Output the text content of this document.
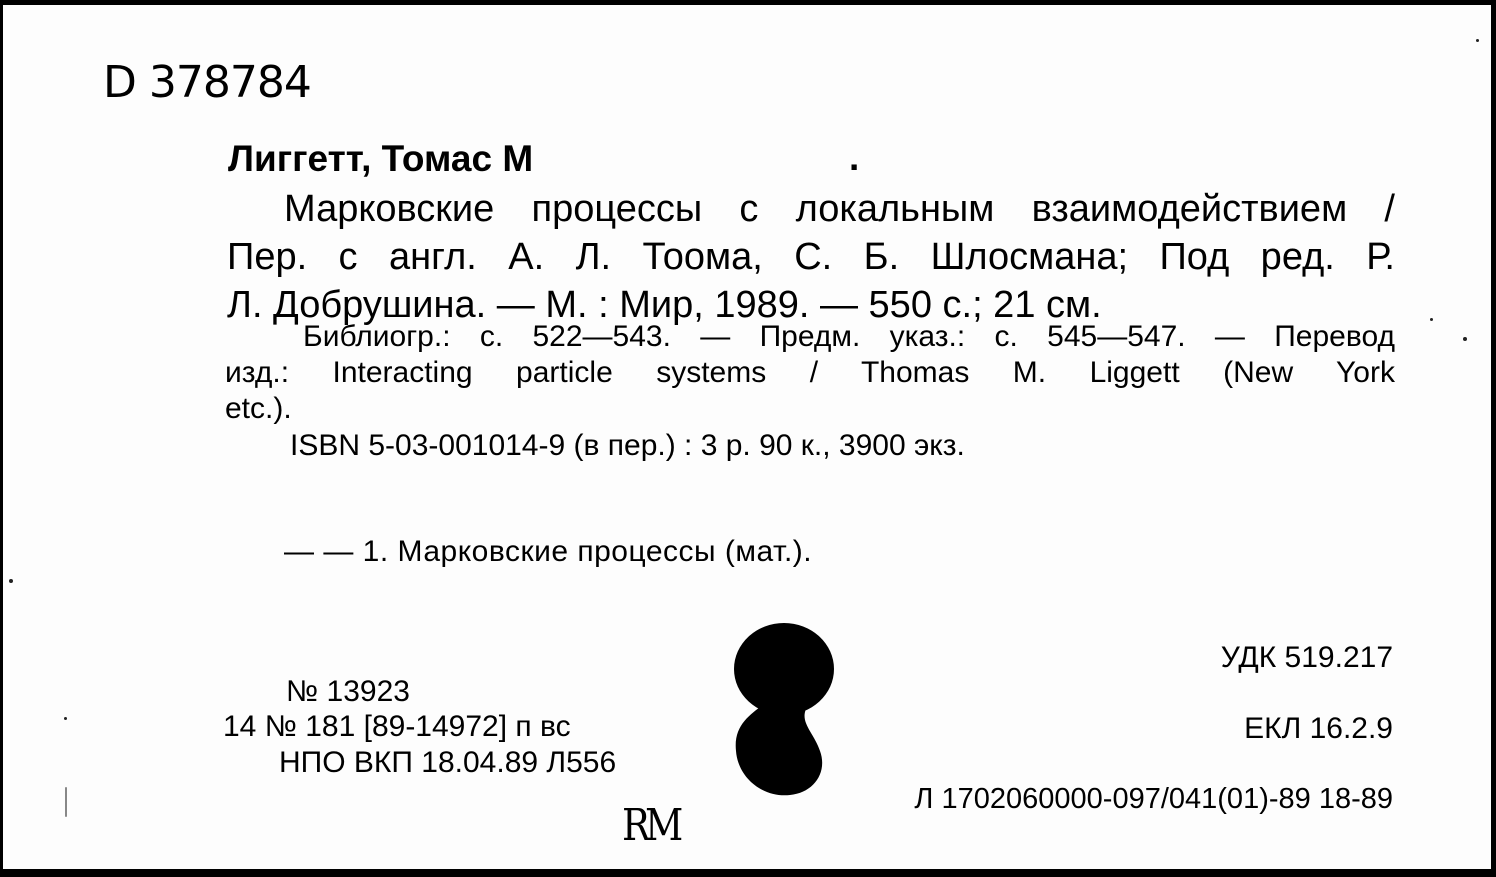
D 378784
Лиггетт, Томас М	.
Марковские процессы с локальным взаимодействием /
Пер. с англ. А. Л. Тоома, С. Б. Шлосмана; Под ред. Р.
Л. Добрушина. — М. : Мир, 1989. — 550 с.; 21 см.
Библиогр.: с. 522—543. — Предм. указ.: с. 545—547. — Перевод
изд.: Interacting particle systems / Thomas M. Liggett (New York
etc.).
ISBN 5-03-001014-9 (в пер.) : 3 р. 90 к., 3900 экз.
— — 1. Марковские процессы (мат.).
УДК 519.217
ЕКЛ 16.2.9
Л 1702060000-097/041(01)-89 18-89
№ 13923
14 № 181 [89-14972] п вс
НПО ВКП 18.04.89 Л556
RM
